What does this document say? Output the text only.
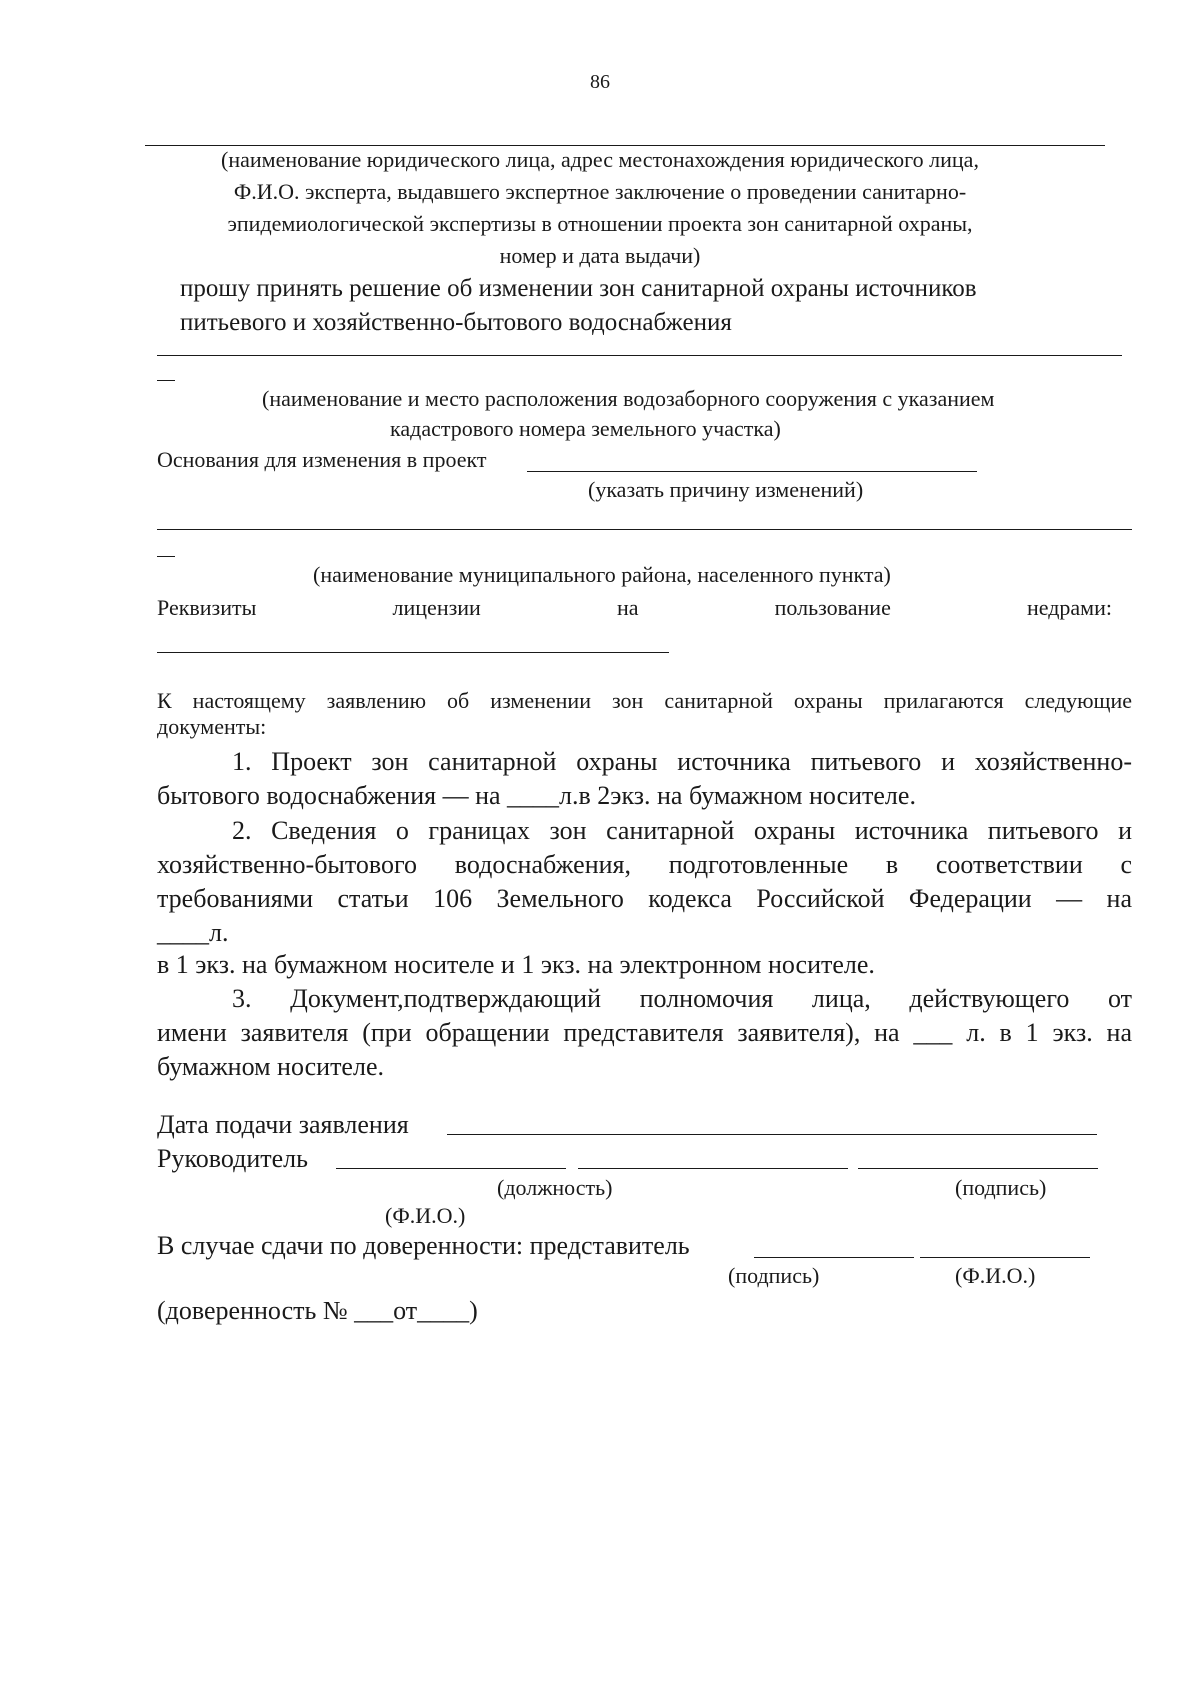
86
(наименование юридического лица, адрес местонахождения юридического лица,
Ф.И.О. эксперта, выдавшего экспертное заключение о проведении санитарно-
эпидемиологической экспертизы в отношении проекта зон санитарной охраны,
номер и дата выдачи)
прошу принять решение об изменении зон санитарной охраны источников
питьевого и хозяйственно-бытового водоснабжения
(наименование и место расположения водозаборного сооружения с указанием
кадастрового номера земельного участка)
Основания для изменения в проект
(указать причину изменений)
(наименование муниципального района, населенного пункта)
Реквизиты	лицензии	на	пользование	недрами:
К настоящему заявлению об изменении зон санитарной охраны прилагаются следующие
документы:
1. Проект зон санитарной охраны источника питьевого и хозяйственно-
бытового водоснабжения — на ____л.в 2экз. на бумажном носителе.
2. Сведения о границах зон санитарной охраны источника питьевого и
хозяйственно-бытового водоснабжения, подготовленные в соответствии с
требованиями статьи 106 Земельного кодекса Российской Федерации — на
____л.
в 1 экз. на бумажном носителе и 1 экз. на электронном носителе.
3. Документ,подтверждающий полномочия лица, действующего от
имени заявителя (при обращении представителя заявителя), на ___ л. в 1 экз. на
бумажном носителе.
Дата подачи заявления
Руководитель
(должность)	(подпись)
(Ф.И.О.)
В случае сдачи по доверенности: представитель
(подпись)	(Ф.И.О.)
(доверенность № ___от____)
